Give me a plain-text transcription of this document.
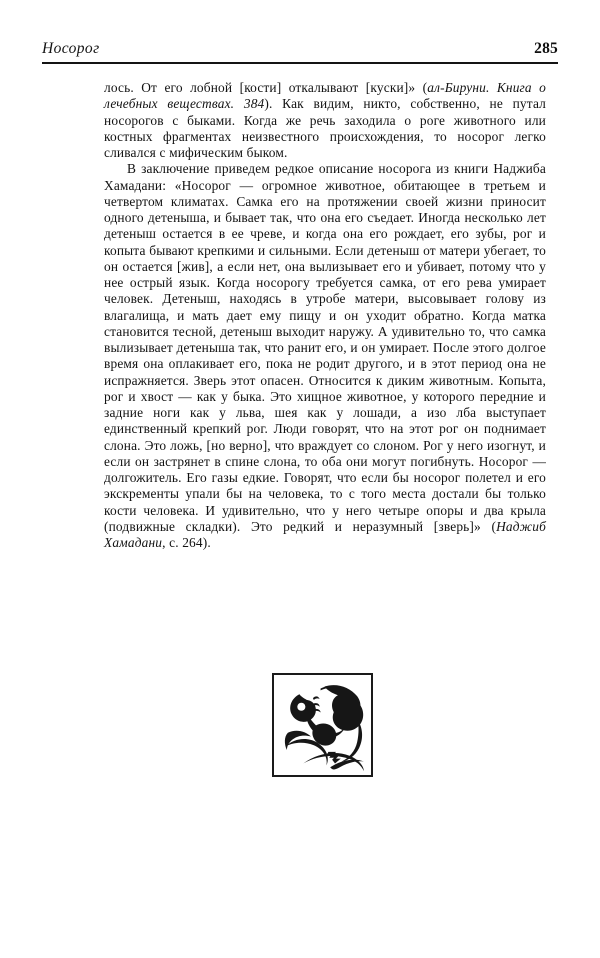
Носорог	285

лось. От его лобной [кости] откалывают [куски]» (ал-Бируни. Книга о лечебных веществах. 384). Как видим, никто, собственно, не путал носорогов с быками. Когда же речь заходила о роге животного или костных фрагментах неизвестного происхождения, то носорог легко сливался с мифическим быком.

В заключение приведем редкое описание носорога из книги Наджиба Хамадани: «Носорог — огромное животное, обитающее в третьем и четвертом климатах. Самка его на протяжении своей жизни приносит одного детеныша, и бывает так, что она его съедает. Иногда несколько лет детеныш остается в ее чреве, и когда она его рождает, его зубы, рог и копыта бывают крепкими и сильными. Если детеныш от матери убегает, то он остается [жив], а если нет, она вылизывает его и убивает, потому что у нее острый язык. Когда носорогу требуется самка, от его рева умирает человек. Детеныш, находясь в утробе матери, высовывает голову из влагалища, и мать дает ему пищу и он уходит обратно. Когда матка становится тесной, детеныш выходит наружу. А удивительно то, что самка вылизывает детеныша так, что ранит его, и он умирает. После этого долгое время она оплакивает его, пока не родит другого, и в этот период она не испражняется. Зверь этот опасен. Относится к диким животным. Копыта, рог и хвост — как у быка. Это хищное животное, у которого передние и задние ноги как у льва, шея как у лошади, а изо лба выступает единственный крепкий рог. Люди говорят, что на этот рог он поднимает слона. Это ложь, [но верно], что враждует со слоном. Рог у него изогнут, и если он застрянет в спине слона, то оба они могут погибнуть. Носорог — долгожитель. Его газы едкие. Говорят, что если бы носорог полетел и его экскременты упали бы на человека, то с того места достали бы только кости человека. И удивительно, что у него четыре опоры и два крыла (подвижные складки). Это редкий и неразумный [зверь]» (Наджиб Хамадани, с. 264).
